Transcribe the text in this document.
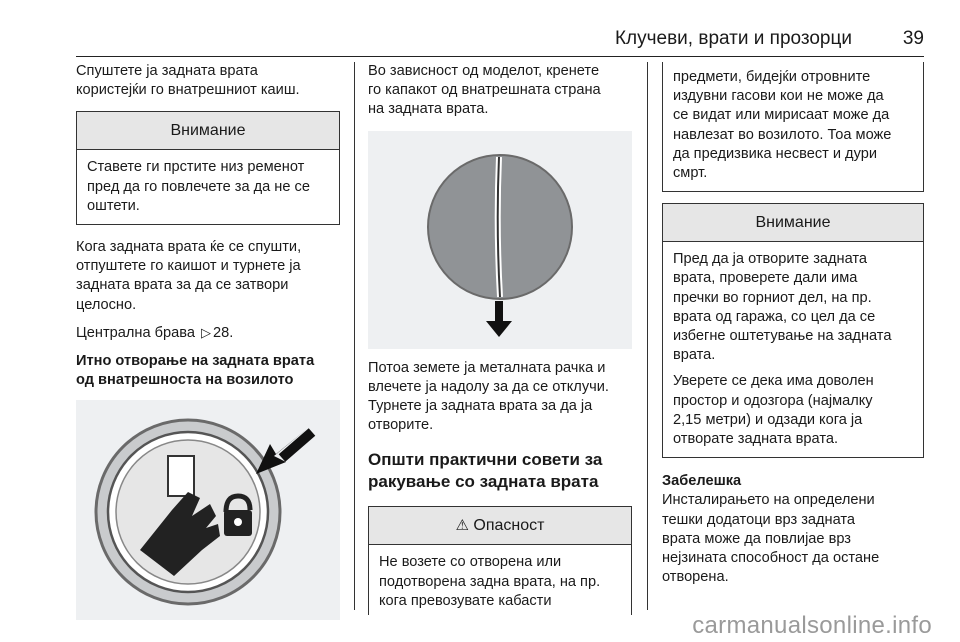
Клучеви, врати и прозорци	39

Спуштете ја задната врата
користејќи го внатрешниот каиш.

Внимание
Ставете ги прстите низ ременот
пред да го повлечете за да не се
оштети.

Кога задната врата ќе се спушти,
отпуштете го каишот и турнете ја
задната врата за да се затвори
целосно.

Централна брава ▷ 28.

Итно отворање на задната врата
од внатрешноста на возилото

Во зависност од моделот, кренете
го капакот од внатрешната страна
на задната врата.

Потоа земете ја металната рачка и
влечете ја надолу за да се отклучи.
Турнете ја задната врата за да ја
отворите.

Општи практични совети за
ракување со задната врата

⚠ Опасност
Не возете со отворена или
подотворена задна врата, на пр.
кога превозувате кабасти
предмети, бидејќи отровните
издувни гасови кои не може да
се видат или мирисаат може да
навлезат во возилото. Тоа може
да предизвика несвест и дури
смрт.
Внимание

Пред да ја отворите задната
врата, проверете дали има
пречки во горниот дел, на пр.
врата од гаража, со цел да се
избегне оштетување на задната
врата.

Уверете се дека има доволен
простор и одозгора (најмалку
2,15 метри) и одзади кога ја
отворате задната врата.

Забелешка
Инсталирањето на определени
тешки додатоци врз задната
врата може да повлијае врз
нејзината способност да остане
отворена.

carmanualsonline.info
